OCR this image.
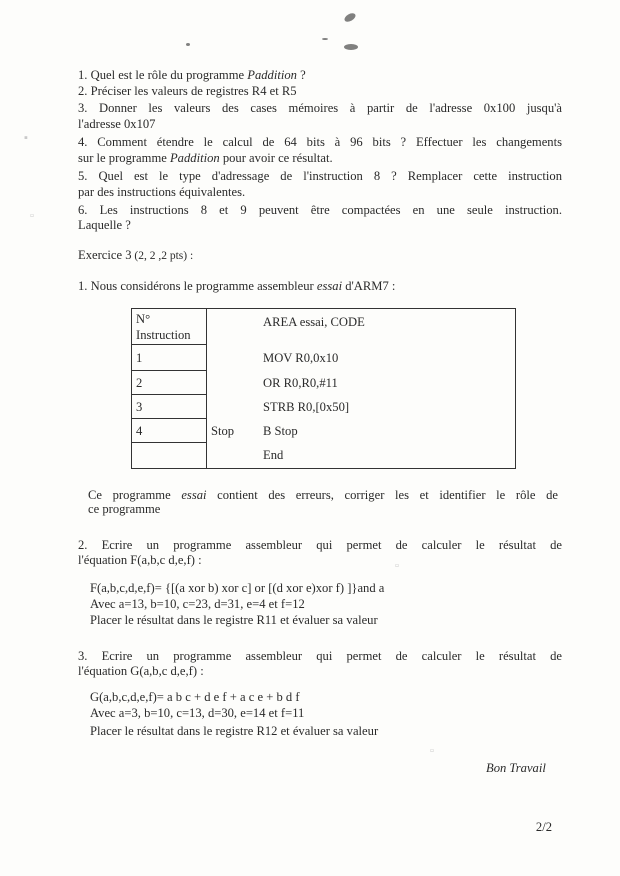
▪
▫
▫
▫
1. Quel est le rôle du programme Paddition ?
2. Préciser les valeurs de registres R4 et R5
3. Donner les valeurs des cases mémoires à partir de l'adresse 0x100 jusqu'à
l'adresse 0x107
4. Comment étendre le calcul de 64 bits à 96 bits ? Effectuer les changements
sur le programme Paddition pour avoir ce résultat.
5. Quel est le type d'adressage de l'instruction 8 ? Remplacer cette instruction
par des instructions équivalentes.
6. Les instructions 8 et 9 peuvent être compactées en une seule instruction.
Laquelle ?
Exercice 3 (2, 2 ,2 pts) :
1. Nous considérons le programme assembleur essai d'ARM7 :
N°
Instruction		AREA essai, CODE
1		MOV R0,0x10
2		OR R0,R0,#11
3		STRB R0,[0x50]
4	Stop	B Stop
		End
Ce programme essai contient des erreurs, corriger les et identifier le rôle de
ce programme
2. Ecrire un programme assembleur qui permet de calculer le résultat de
l'équation F(a,b,c d,e,f) :
F(a,b,c,d,e,f)= {[(a xor b) xor c] or [(d xor e)xor f) ]}and a
Avec a=13, b=10, c=23, d=31, e=4 et f=12
Placer le résultat dans le registre R11 et évaluer sa valeur
3. Ecrire un programme assembleur qui permet de calculer le résultat de
l'équation G(a,b,c d,e,f) :
G(a,b,c,d,e,f)= a b c + d e f + a c e + b d f
Avec a=3, b=10, c=13, d=30, e=14 et f=11
Placer le résultat dans le registre R12 et évaluer sa valeur
Bon Travail
2/2
